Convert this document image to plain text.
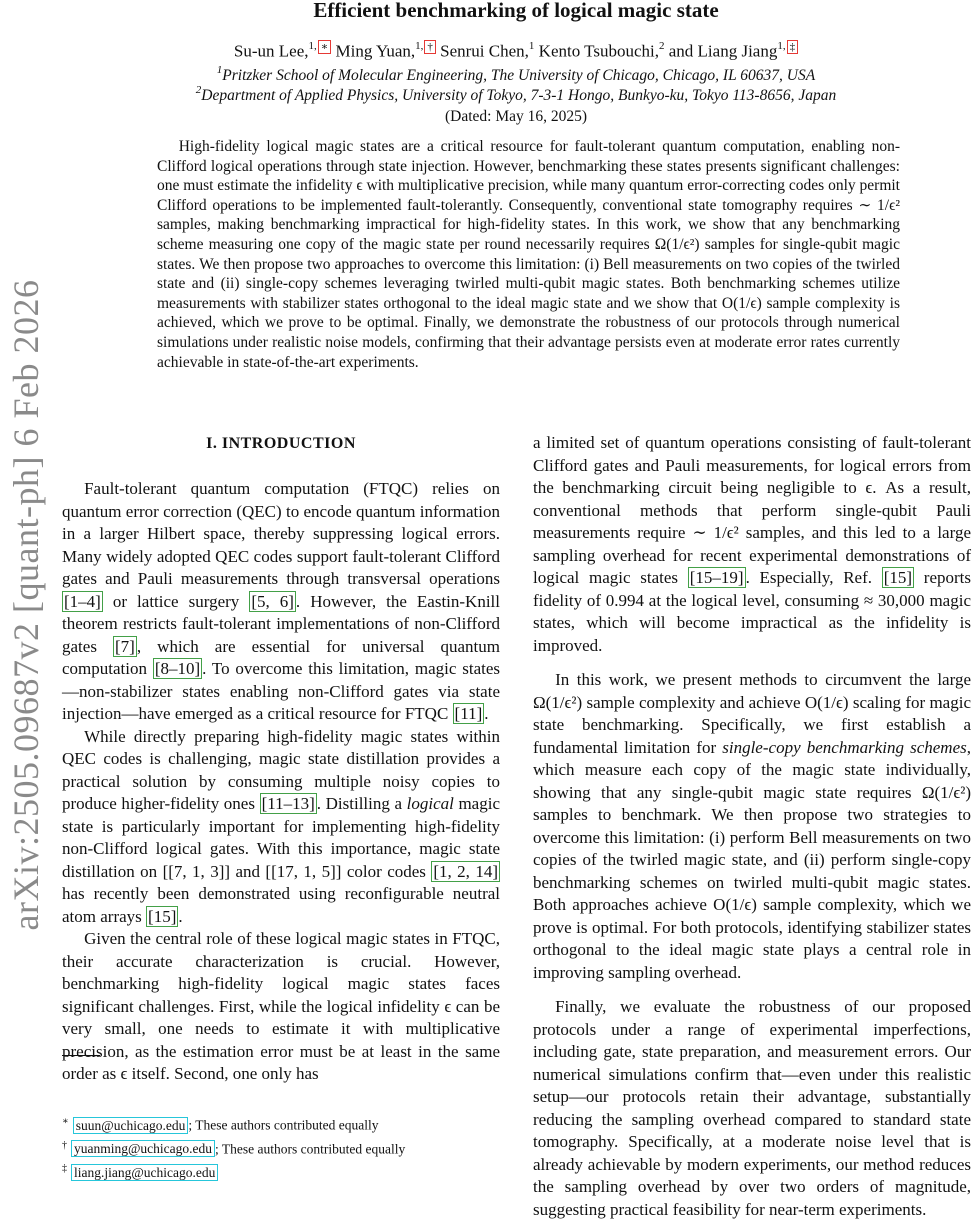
arXiv:2505.09687v2 [quant-ph] 6 Feb 2026
Efficient benchmarking of logical magic state
Su-un Lee,$^{1,}$ ∗ Ming Yuan,$^{1,}$ † Senrui Chen,$^1$ Kento Tsubouchi,$^2$ and Liang Jiang$^{1,}$ ‡
$^1$Pritzker School of Molecular Engineering, The University of Chicago, Chicago, IL 60637, USA
$^2$Department of Applied Physics, University of Tokyo, 7-3-1 Hongo, Bunkyo-ku, Tokyo 113-8656, Japan
(Dated: May 16, 2025)

High-fidelity logical magic states are a critical resource for fault-tolerant quantum computation, enabling non-Clifford logical operations through state injection. However, benchmarking these states presents significant challenges: one must estimate the infidelity ϵ with multiplicative precision, while many quantum error-correcting codes only permit Clifford operations to be implemented fault-tolerantly. Consequently, conventional state tomography requires ∼ 1/ϵ² samples, making benchmarking impractical for high-fidelity states. In this work, we show that any benchmarking scheme measuring one copy of the magic state per round necessarily requires Ω(1/ϵ²) samples for single-qubit magic states. We then propose two approaches to overcome this limitation: (i) Bell measurements on two copies of the twirled state and (ii) single-copy schemes leveraging twirled multi-qubit magic states. Both benchmarking schemes utilize measurements with stabilizer states orthogonal to the ideal magic state and we show that O(1/ϵ) sample complexity is achieved, which we prove to be optimal. Finally, we demonstrate the robustness of our protocols through numerical simulations under realistic noise models, confirming that their advantage persists even at moderate error rates currently achievable in state-of-the-art experiments.

I. INTRODUCTION

Fault-tolerant quantum computation (FTQC) relies on quantum error correction (QEC) to encode quantum information in a larger Hilbert space, thereby suppressing logical errors. Many widely adopted QEC codes support fault-tolerant Clifford gates and Pauli measurements through transversal operations [1–4] or lattice surgery [5, 6] . However, the Eastin-Knill theorem restricts fault-tolerant implementations of non-Clifford gates [7] , which are essential for universal quantum computation [8–10] . To overcome this limitation, magic states—non-stabilizer states enabling non-Clifford gates via state injection—have emerged as a critical resource for FTQC [11] .

While directly preparing high-fidelity magic states within QEC codes is challenging, magic state distillation provides a practical solution by consuming multiple noisy copies to produce higher-fidelity ones [11–13] . Distilling a logical magic state is particularly important for implementing high-fidelity non-Clifford logical gates. With this importance, magic state distillation on [[7, 1, 3]] and [[17, 1, 5]] color codes [1, 2, 14] has recently been demonstrated using reconfigurable neutral atom arrays [15] .

Given the central role of these logical magic states in FTQC, their accurate characterization is crucial. However, benchmarking high-fidelity logical magic states faces significant challenges. First, while the logical infidelity ϵ can be very small, one needs to estimate it with multiplicative precision, as the estimation error must be at least in the same order as ϵ itself. Second, one only has

a limited set of quantum operations consisting of fault-tolerant Clifford gates and Pauli measurements, for logical errors from the benchmarking circuit being negligible to ϵ. As a result, conventional methods that perform single-qubit Pauli measurements require ∼ 1/ϵ² samples, and this led to a large sampling overhead for recent experimental demonstrations of logical magic states [15–19] . Especially, Ref. [15] reports fidelity of 0.994 at the logical level, consuming ≈ 30,000 magic states, which will become impractical as the infidelity is improved.

In this work, we present methods to circumvent the large Ω(1/ϵ²) sample complexity and achieve O(1/ϵ) scaling for magic state benchmarking. Specifically, we first establish a fundamental limitation for single-copy benchmarking schemes, which measure each copy of the magic state individually, showing that any single-qubit magic state requires Ω(1/ϵ²) samples to benchmark. We then propose two strategies to overcome this limitation: (i) perform Bell measurements on two copies of the twirled magic state, and (ii) perform single-copy benchmarking schemes on twirled multi-qubit magic states. Both approaches achieve O(1/ϵ) sample complexity, which we prove is optimal. For both protocols, identifying stabilizer states orthogonal to the ideal magic state plays a central role in improving sampling overhead.

Finally, we evaluate the robustness of our proposed protocols under a range of experimental imperfections, including gate, state preparation, and measurement errors. Our numerical simulations confirm that—even under this realistic setup—our protocols retain their advantage, substantially reducing the sampling overhead compared to standard state tomography. Specifically, at a moderate noise level that is already achievable by modern experiments, our method reduces the sampling overhead by over two orders of magnitude, suggesting practical feasibility for near-term experiments.

∗ suun@uchicago.edu ; These authors contributed equally
† yuanming@uchicago.edu ; These authors contributed equally
‡ liang.jiang@uchicago.edu
